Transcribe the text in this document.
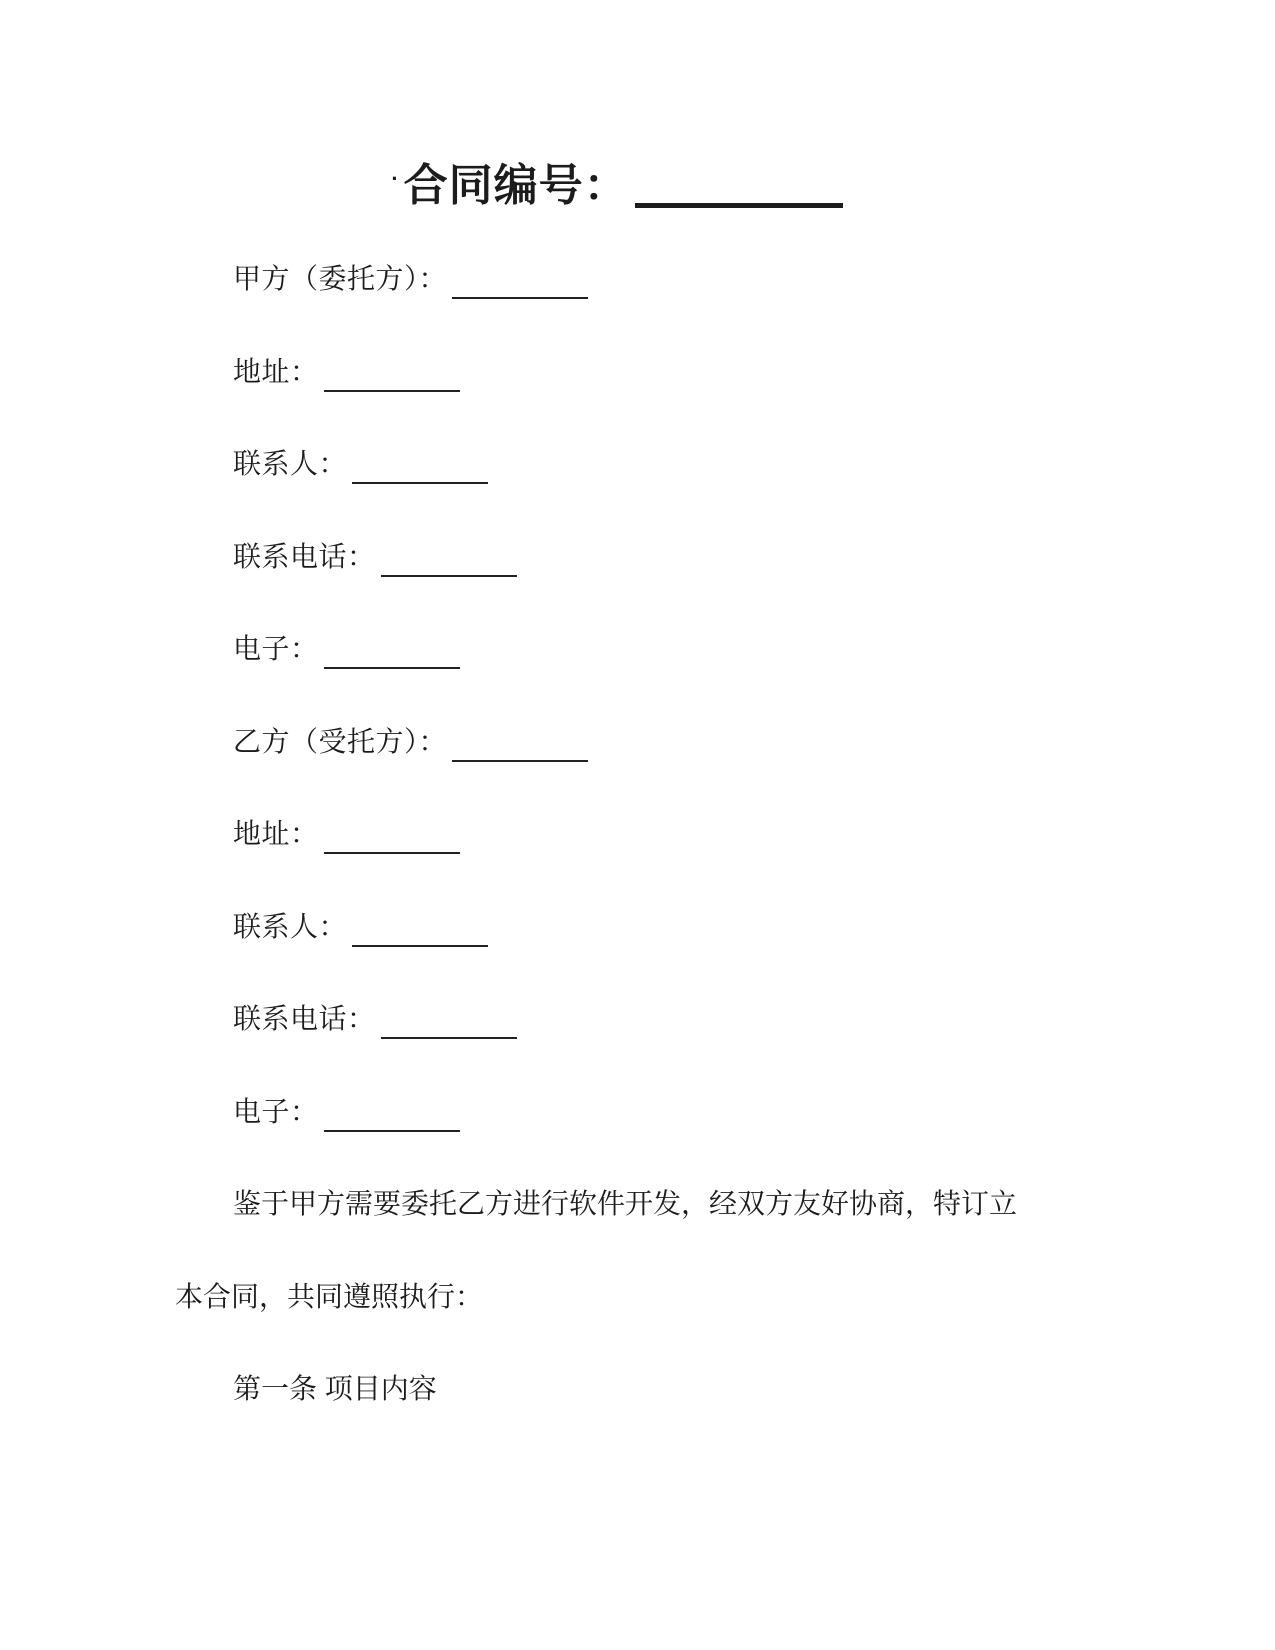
·合同编号：
甲方（委托方）：
地址：
联系人：
联系电话：
电子：
乙方（受托方）：
地址：
联系人：
联系电话：
电子：
鉴于甲方需要委托乙方进行软件开发，经双方友好协商，特订立
本合同，共同遵照执行：
第一条 项目内容
